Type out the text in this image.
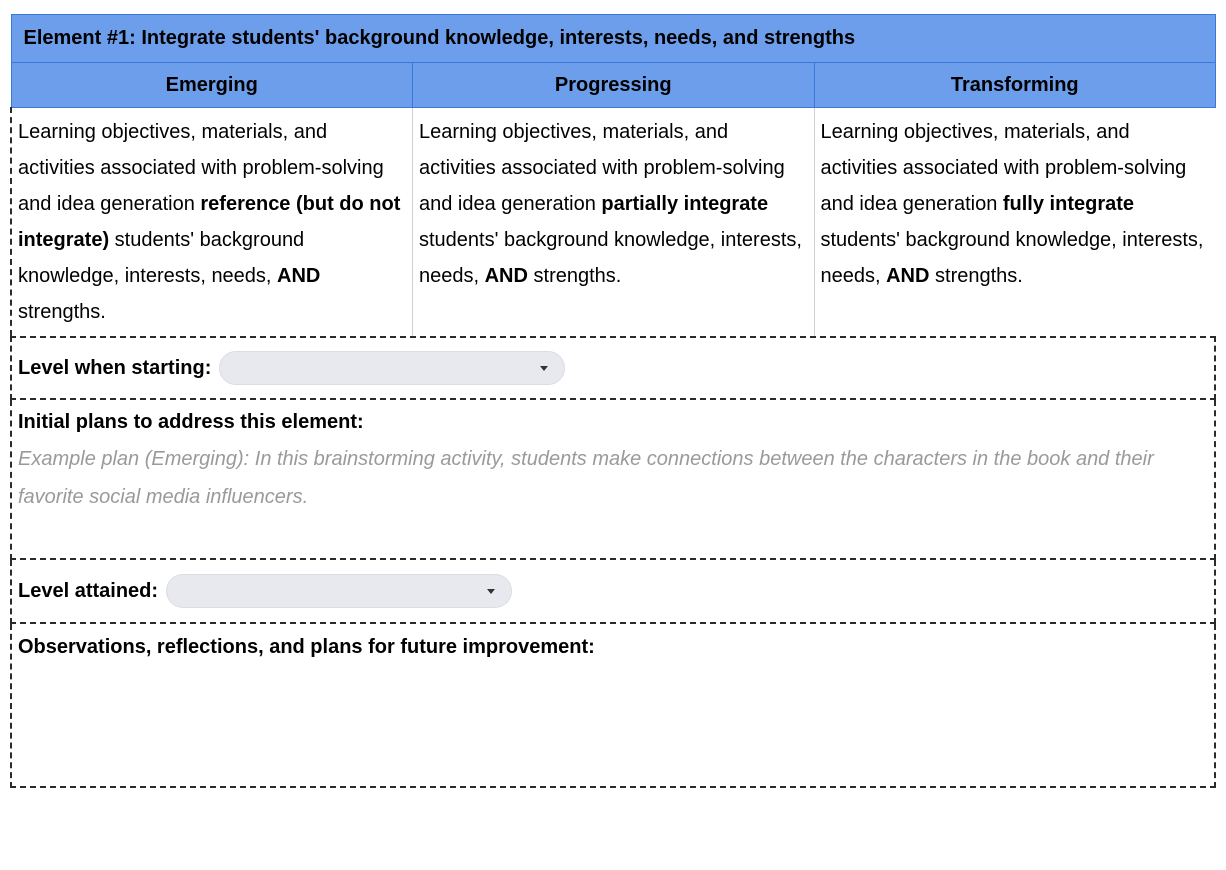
Element #1: Integrate students' background knowledge, interests, needs, and strengths		
Emerging	Progressing	Transforming
Learning objectives, materials, and activities associated with problem-solving and idea generation reference (but do not integrate) students' background knowledge, interests, needs, AND strengths.	Learning objectives, materials, and activities associated with problem-solving and idea generation partially integrate students' background knowledge, interests, needs, AND strengths.	Learning objectives, materials, and activities associated with problem-solving and idea generation fully integrate students' background knowledge, interests, needs, AND strengths.
Level when starting:
Initial plans to address this element:
Example plan (Emerging): In this brainstorming activity, students make connections between the characters in the book and their favorite social media influencers.
Level attained:
Observations, reflections, and plans for future improvement:
